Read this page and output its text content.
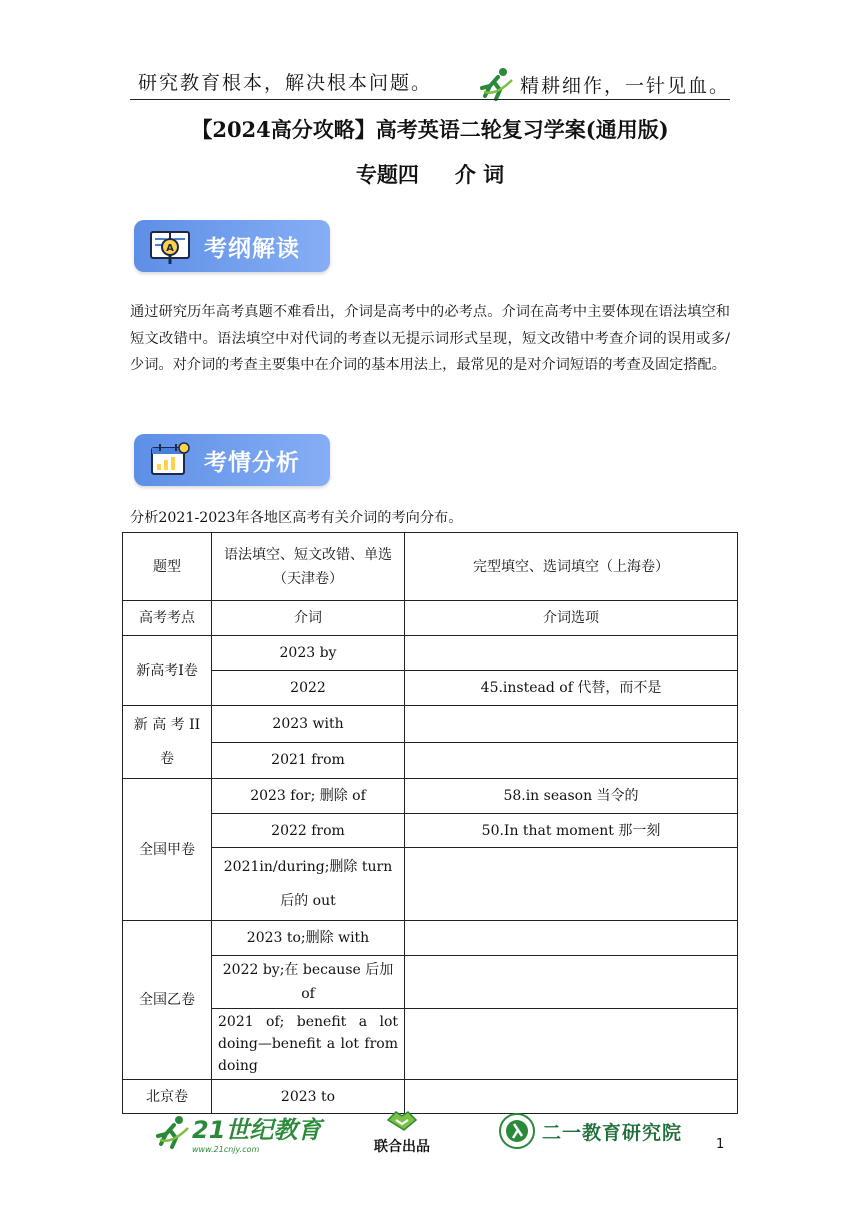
研究教育根本，解决根本问题。	精耕细作，一针见血。
【2024高分攻略】高考英语二轮复习学案(通用版)
专题四 介 词
A 考纲解读
通过研究历年高考真题不难看出，介词是高考中的必考点。介词在高考中主要体现在语法填空和短文改错中。语法填空中对代词的考查以无提示词形式呈现，短文改错中考查介词的误用或多/少词。对介词的考查主要集中在介词的基本用法上，最常见的是对介词短语的考查及固定搭配。
考情分析
分析2021-2023年各地区高考有关介词的考向分布。
题型	语法填空、短文改错、单选（天津卷）	完型填空、选词填空（上海卷）
高考考点	介词	介词选项
新高考I卷	2023 by	
	2022	45.instead of 代替，而不是
新 高 考 II 卷	2023 with	
	2021 from	
全国甲卷	2023 for; 删除 of	58.in season 当令的
	2022 from	50.In that moment 那一刻
	2021in/during;删除 turn 后的 out	
全国乙卷	2023 to;删除 with	
	2022 by;在 because 后加 of	
	2021 of; benefit a lot doing—benefit a lot from doing	
北京卷	2023 to	
21世纪教育
www.21cnjy.com	联合出品
二一教育研究院
1
